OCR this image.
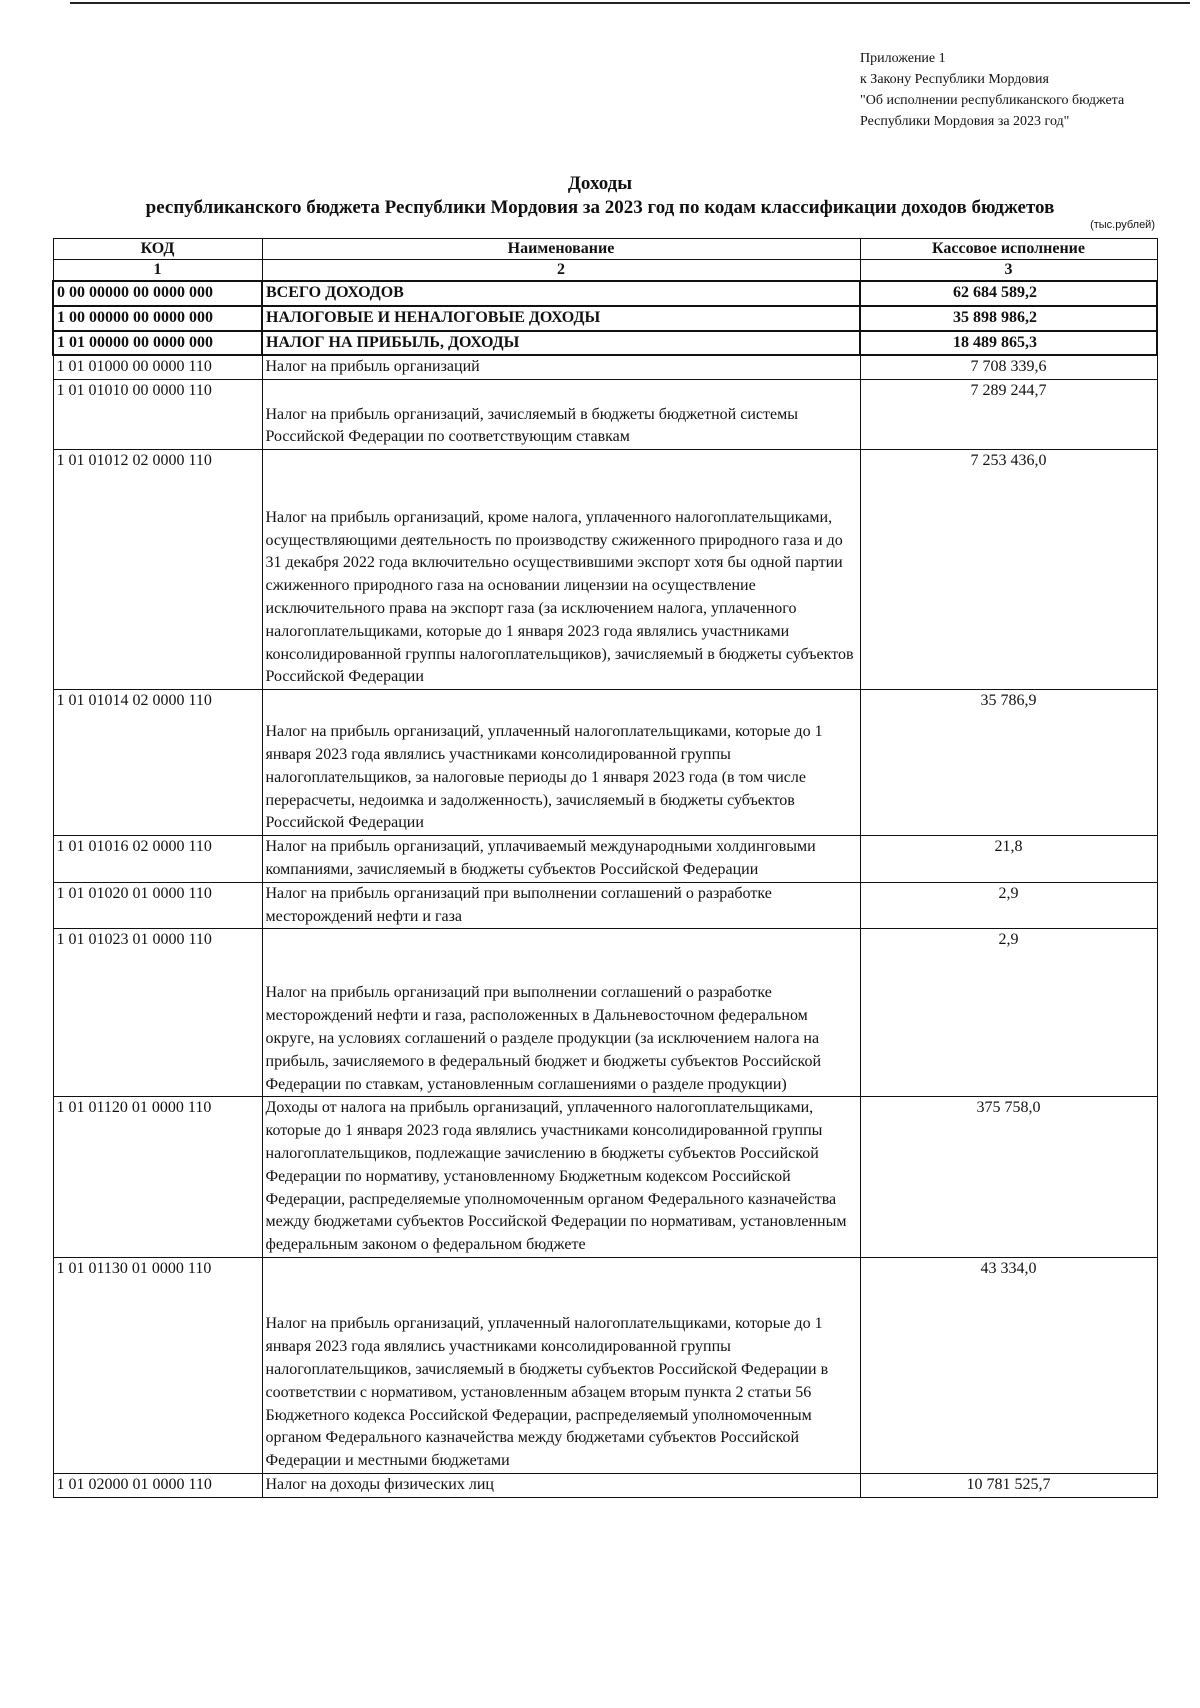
Приложение 1
к Закону Республики Мордовия
"Об исполнении республиканского бюджета
Республики Мордовия за 2023 год"
Доходы
республиканского бюджета Республики Мордовия за 2023 год по кодам классификации доходов бюджетов
(тыс.рублей)
КОД	Наименование	Кассовое исполнение
1	2	3
0 00 00000 00 0000 000	ВСЕГО ДОХОДОВ	62 684 589,2
1 00 00000 00 0000 000	НАЛОГОВЫЕ И НЕНАЛОГОВЫЕ ДОХОДЫ	35 898 986,2
1 01 00000 00 0000 000	НАЛОГ НА ПРИБЫЛЬ, ДОХОДЫ	18 489 865,3
1 01 01000 00 0000 110	Налог на прибыль организаций	7 708 339,6
1 01 01010 00 0000 110	Налог на прибыль организаций, зачисляемый в бюджеты бюджетной системы Российской Федерации по соответствующим ставкам	7 289 244,7
1 01 01012 02 0000 110	Налог на прибыль организаций, кроме налога, уплаченного налогоплательщиками, осуществляющими деятельность по производству сжиженного природного газа и до 31 декабря 2022 года включительно осуществившими экспорт хотя бы одной партии сжиженного природного газа на основании лицензии на осуществление исключительного права на экспорт газа (за исключением налога, уплаченного налогоплательщиками, которые до 1 января 2023 года являлись участниками консолидированной группы налогоплательщиков), зачисляемый в бюджеты субъектов Российской Федерации	7 253 436,0
1 01 01014 02 0000 110	Налог на прибыль организаций, уплаченный налогоплательщиками, которые до 1 января 2023 года являлись участниками консолидированной группы налогоплательщиков, за налоговые периоды до 1 января 2023 года (в том числе перерасчеты, недоимка и задолженность), зачисляемый в бюджеты субъектов Российской Федерации	35 786,9
1 01 01016 02 0000 110	Налог на прибыль организаций, уплачиваемый международными холдинговыми компаниями, зачисляемый в бюджеты субъектов Российской Федерации	21,8
1 01 01020 01 0000 110	Налог на прибыль организаций при выполнении соглашений о разработке месторождений нефти и газа	2,9
1 01 01023 01 0000 110	Налог на прибыль организаций при выполнении соглашений о разработке месторождений нефти и газа, расположенных в Дальневосточном федеральном округе, на условиях соглашений о разделе продукции (за исключением налога на прибыль, зачисляемого в федеральный бюджет и бюджеты субъектов Российской Федерации по ставкам, установленным соглашениями о разделе продукции)	2,9
1 01 01120 01 0000 110	Доходы от налога на прибыль организаций, уплаченного налогоплательщиками, которые до 1 января 2023 года являлись участниками консолидированной группы налогоплательщиков, подлежащие зачислению в бюджеты субъектов Российской Федерации по нормативу, установленному Бюджетным кодексом Российской Федерации, распределяемые уполномоченным органом Федерального казначейства между бюджетами субъектов Российской Федерации по нормативам, установленным федеральным законом о федеральном бюджете	375 758,0
1 01 01130 01 0000 110	Налог на прибыль организаций, уплаченный налогоплательщиками, которые до 1 января 2023 года являлись участниками консолидированной группы налогоплательщиков, зачисляемый в бюджеты субъектов Российской Федерации в соответствии с нормативом, установленным абзацем вторым пункта 2 статьи 56 Бюджетного кодекса Российской Федерации, распределяемый уполномоченным органом Федерального казначейства между бюджетами субъектов Российской Федерации и местными бюджетами	43 334,0
1 01 02000 01 0000 110	Налог на доходы физических лиц	10 781 525,7
